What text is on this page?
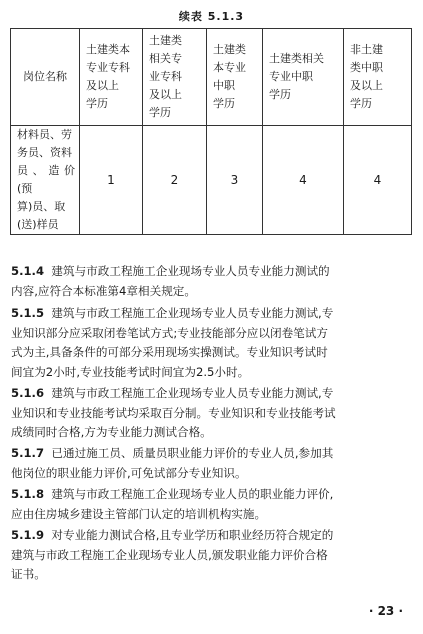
续表 5.1.3
岗位名称	土建类本
专业专科
及以上
学历	土建类
相关专
业专科
及以上
学历	土建类
本专业
中职
学历	土建类相关
专业中职
学历	非土建
类中职
及以上
学历

材料员、劳
务员、资料
员、造价(预
算)员、取
(送)样员	1	2	3	4	4
5.1.4 建筑与市政工程施工企业现场专业人员专业能力测试的
内容,应符合本标准第4章相关规定。
5.1.5 建筑与市政工程施工企业现场专业人员专业能力测试,专
业知识部分应采取闭卷笔试方式;专业技能部分应以闭卷笔试方
式为主,具备条件的可部分采用现场实操测试。专业知识考试时
间宜为2小时,专业技能考试时间宜为2.5小时。
5.1.6 建筑与市政工程施工企业现场专业人员专业能力测试,专
业知识和专业技能考试均采取百分制。专业知识和专业技能考试
成绩同时合格,方为专业能力测试合格。
5.1.7 已通过施工员、质量员职业能力评价的专业人员,参加其
他岗位的职业能力评价,可免试部分专业知识。
5.1.8 建筑与市政工程施工企业现场专业人员的职业能力评价,
应由住房城乡建设主管部门认定的培训机构实施。
5.1.9 对专业能力测试合格,且专业学历和职业经历符合规定的
建筑与市政工程施工企业现场专业人员,颁发职业能力评价合格
证书。
· 23 ·
